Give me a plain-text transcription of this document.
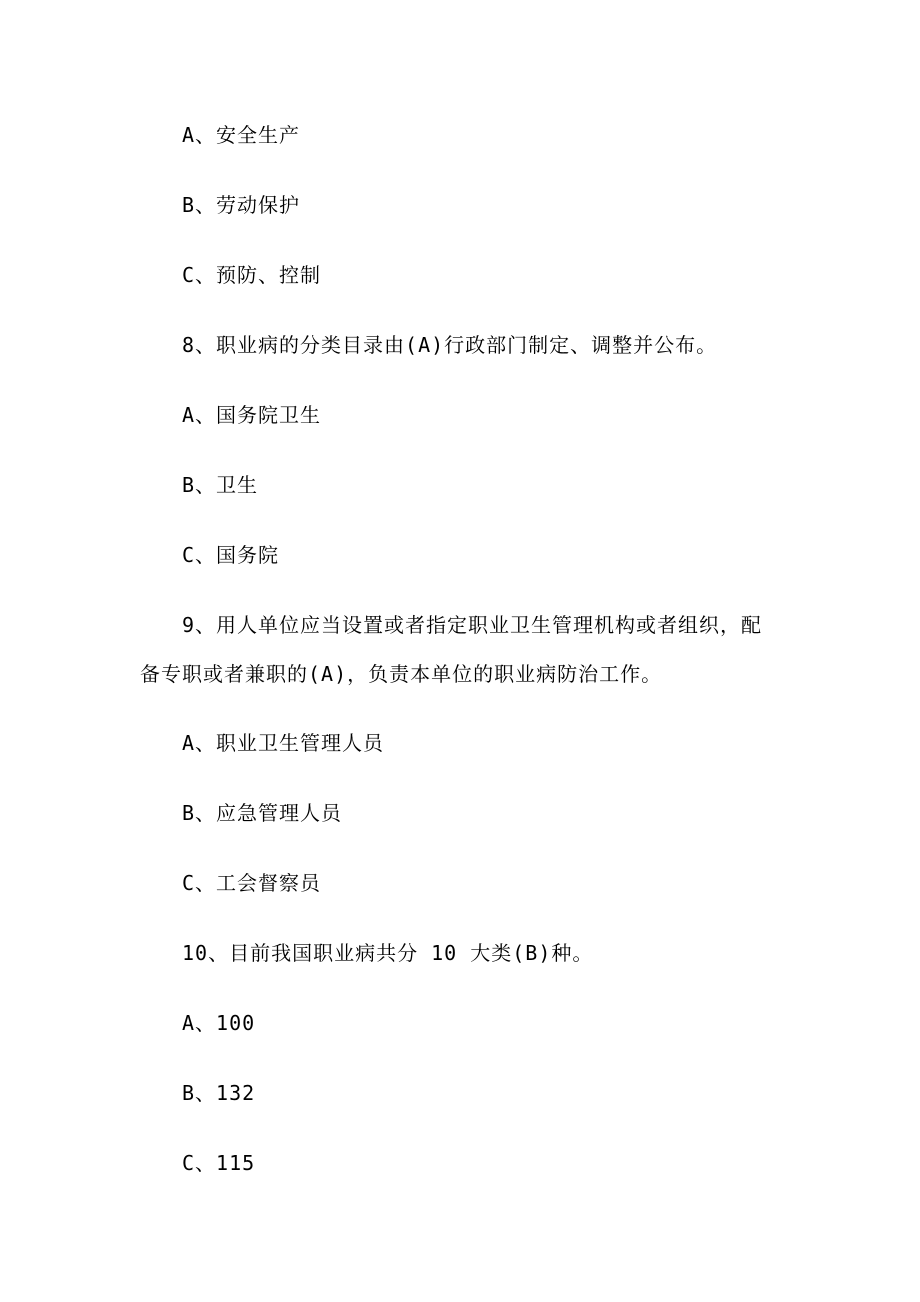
A、安全生产
B、劳动保护
C、预防、控制
8、职业病的分类目录由(A)行政部门制定、调整并公布。
A、国务院卫生
B、卫生
C、国务院
9、用人单位应当设置或者指定职业卫生管理机构或者组织，配
备专职或者兼职的(A)，负责本单位的职业病防治工作。
A、职业卫生管理人员
B、应急管理人员
C、工会督察员
10、目前我国职业病共分 10 大类(B)种。
A、100
B、132
C、115
